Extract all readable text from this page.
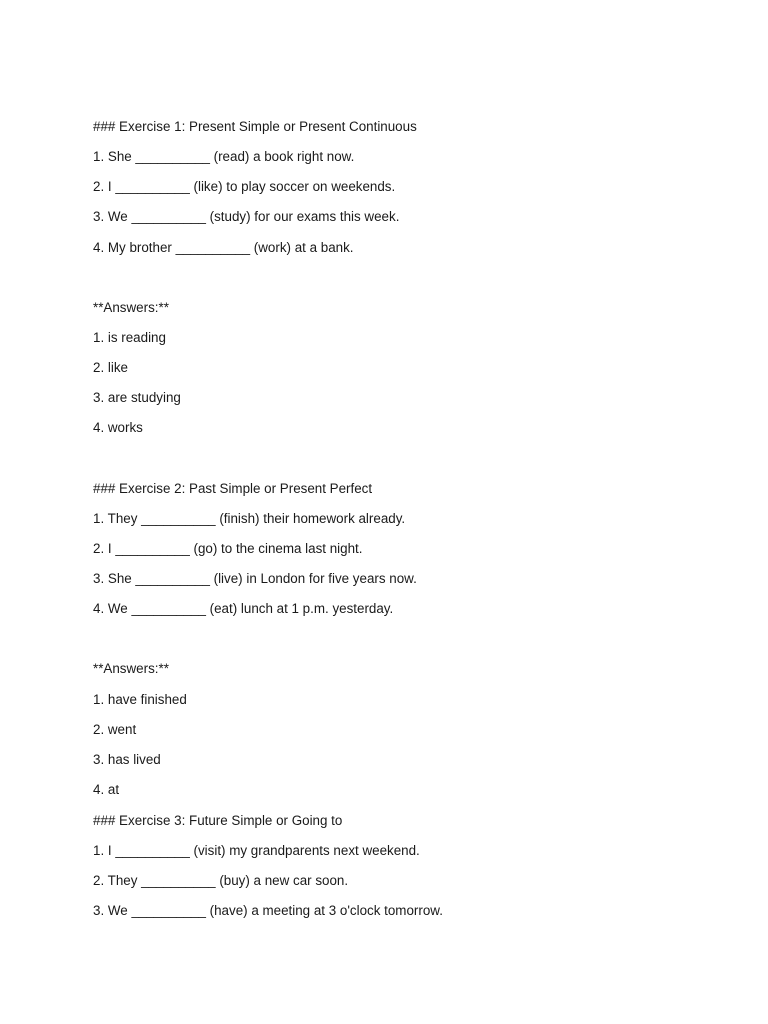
### Exercise 1: Present Simple or Present Continuous
1. She __________ (read) a book right now.
2. I __________ (like) to play soccer on weekends.
3. We __________ (study) for our exams this week.
4. My brother __________ (work) at a bank.
**Answers:**
1. is reading
2. like
3. are studying
4. works
### Exercise 2: Past Simple or Present Perfect
1. They __________ (finish) their homework already.
2. I __________ (go) to the cinema last night.
3. She __________ (live) in London for five years now.
4. We __________ (eat) lunch at 1 p.m. yesterday.
**Answers:**
1. have finished
2. went
3. has lived
4. at
### Exercise 3: Future Simple or Going to
1. I __________ (visit) my grandparents next weekend.
2. They __________ (buy) a new car soon.
3. We __________ (have) a meeting at 3 o'clock tomorrow.
